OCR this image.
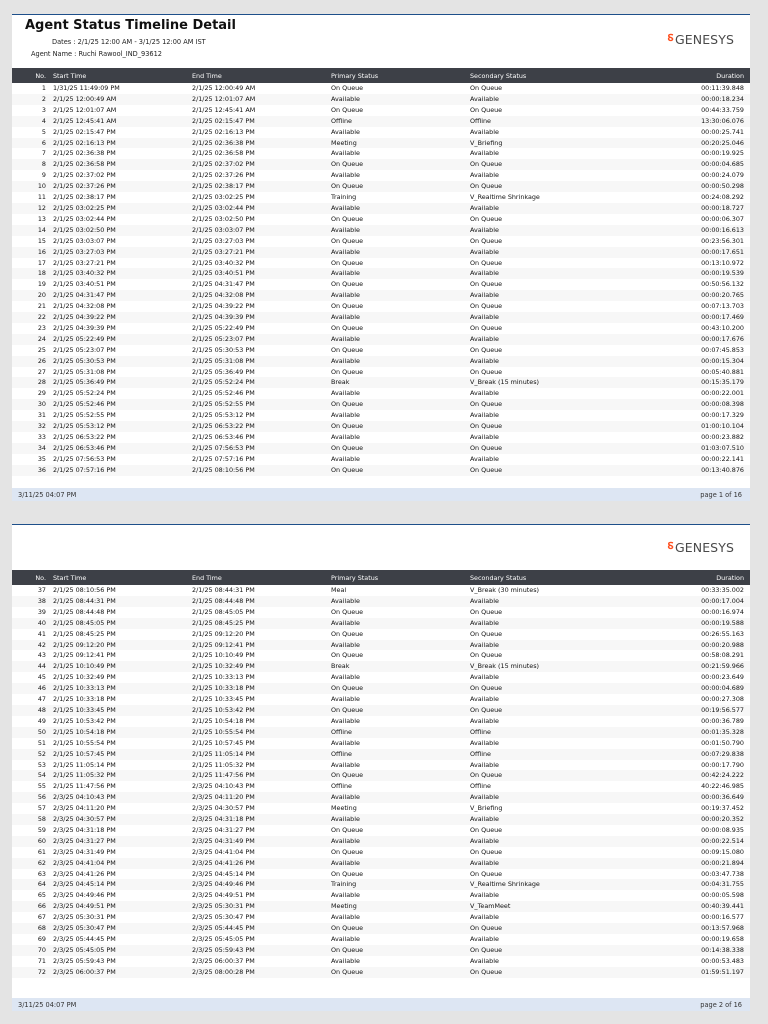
Agent Status Timeline Detail
Dates : 2/1/25 12:00 AM - 3/1/25 12:00 AM IST
Agent Name : Ruchi Rawool_IND_93612
⸹ GENESYS
No.	Start Time	End Time	Primary Status	Secondary Status	Duration
1	1/31/25 11:49:09 PM	2/1/25 12:00:49 AM	On Queue	On Queue	00:11:39.848
2	2/1/25 12:00:49 AM	2/1/25 12:01:07 AM	Available	Available	00:00:18.234
3	2/1/25 12:01:07 AM	2/1/25 12:45:41 AM	On Queue	On Queue	00:44:33.759
4	2/1/25 12:45:41 AM	2/1/25 02:15:47 PM	Offline	Offline	13:30:06.076
5	2/1/25 02:15:47 PM	2/1/25 02:16:13 PM	Available	Available	00:00:25.741
6	2/1/25 02:16:13 PM	2/1/25 02:36:38 PM	Meeting	V_Briefing	00:20:25.046
7	2/1/25 02:36:38 PM	2/1/25 02:36:58 PM	Available	Available	00:00:19.925
8	2/1/25 02:36:58 PM	2/1/25 02:37:02 PM	On Queue	On Queue	00:00:04.685
9	2/1/25 02:37:02 PM	2/1/25 02:37:26 PM	Available	Available	00:00:24.079
10	2/1/25 02:37:26 PM	2/1/25 02:38:17 PM	On Queue	On Queue	00:00:50.298
11	2/1/25 02:38:17 PM	2/1/25 03:02:25 PM	Training	V_Realtime Shrinkage	00:24:08.292
12	2/1/25 03:02:25 PM	2/1/25 03:02:44 PM	Available	Available	00:00:18.727
13	2/1/25 03:02:44 PM	2/1/25 03:02:50 PM	On Queue	On Queue	00:00:06.307
14	2/1/25 03:02:50 PM	2/1/25 03:03:07 PM	Available	Available	00:00:16.613
15	2/1/25 03:03:07 PM	2/1/25 03:27:03 PM	On Queue	On Queue	00:23:56.301
16	2/1/25 03:27:03 PM	2/1/25 03:27:21 PM	Available	Available	00:00:17.651
17	2/1/25 03:27:21 PM	2/1/25 03:40:32 PM	On Queue	On Queue	00:13:10.972
18	2/1/25 03:40:32 PM	2/1/25 03:40:51 PM	Available	Available	00:00:19.539
19	2/1/25 03:40:51 PM	2/1/25 04:31:47 PM	On Queue	On Queue	00:50:56.132
20	2/1/25 04:31:47 PM	2/1/25 04:32:08 PM	Available	Available	00:00:20.765
21	2/1/25 04:32:08 PM	2/1/25 04:39:22 PM	On Queue	On Queue	00:07:13.703
22	2/1/25 04:39:22 PM	2/1/25 04:39:39 PM	Available	Available	00:00:17.469
23	2/1/25 04:39:39 PM	2/1/25 05:22:49 PM	On Queue	On Queue	00:43:10.200
24	2/1/25 05:22:49 PM	2/1/25 05:23:07 PM	Available	Available	00:00:17.676
25	2/1/25 05:23:07 PM	2/1/25 05:30:53 PM	On Queue	On Queue	00:07:45.853
26	2/1/25 05:30:53 PM	2/1/25 05:31:08 PM	Available	Available	00:00:15.304
27	2/1/25 05:31:08 PM	2/1/25 05:36:49 PM	On Queue	On Queue	00:05:40.881
28	2/1/25 05:36:49 PM	2/1/25 05:52:24 PM	Break	V_Break (15 minutes)	00:15:35.179
29	2/1/25 05:52:24 PM	2/1/25 05:52:46 PM	Available	Available	00:00:22.001
30	2/1/25 05:52:46 PM	2/1/25 05:52:55 PM	On Queue	On Queue	00:00:08.398
31	2/1/25 05:52:55 PM	2/1/25 05:53:12 PM	Available	Available	00:00:17.329
32	2/1/25 05:53:12 PM	2/1/25 06:53:22 PM	On Queue	On Queue	01:00:10.104
33	2/1/25 06:53:22 PM	2/1/25 06:53:46 PM	Available	Available	00:00:23.882
34	2/1/25 06:53:46 PM	2/1/25 07:56:53 PM	On Queue	On Queue	01:03:07.510
35	2/1/25 07:56:53 PM	2/1/25 07:57:16 PM	Available	Available	00:00:22.141
36	2/1/25 07:57:16 PM	2/1/25 08:10:56 PM	On Queue	On Queue	00:13:40.876
3/11/25 04:07 PM	page 1 of 16
⸹ GENESYS
No.	Start Time	End Time	Primary Status	Secondary Status	Duration
37	2/1/25 08:10:56 PM	2/1/25 08:44:31 PM	Meal	V_Break (30 minutes)	00:33:35.002
38	2/1/25 08:44:31 PM	2/1/25 08:44:48 PM	Available	Available	00:00:17.004
39	2/1/25 08:44:48 PM	2/1/25 08:45:05 PM	On Queue	On Queue	00:00:16.974
40	2/1/25 08:45:05 PM	2/1/25 08:45:25 PM	Available	Available	00:00:19.588
41	2/1/25 08:45:25 PM	2/1/25 09:12:20 PM	On Queue	On Queue	00:26:55.163
42	2/1/25 09:12:20 PM	2/1/25 09:12:41 PM	Available	Available	00:00:20.988
43	2/1/25 09:12:41 PM	2/1/25 10:10:49 PM	On Queue	On Queue	00:58:08.291
44	2/1/25 10:10:49 PM	2/1/25 10:32:49 PM	Break	V_Break (15 minutes)	00:21:59.966
45	2/1/25 10:32:49 PM	2/1/25 10:33:13 PM	Available	Available	00:00:23.649
46	2/1/25 10:33:13 PM	2/1/25 10:33:18 PM	On Queue	On Queue	00:00:04.689
47	2/1/25 10:33:18 PM	2/1/25 10:33:45 PM	Available	Available	00:00:27.308
48	2/1/25 10:33:45 PM	2/1/25 10:53:42 PM	On Queue	On Queue	00:19:56.577
49	2/1/25 10:53:42 PM	2/1/25 10:54:18 PM	Available	Available	00:00:36.789
50	2/1/25 10:54:18 PM	2/1/25 10:55:54 PM	Offline	Offline	00:01:35.328
51	2/1/25 10:55:54 PM	2/1/25 10:57:45 PM	Available	Available	00:01:50.790
52	2/1/25 10:57:45 PM	2/1/25 11:05:14 PM	Offline	Offline	00:07:29.838
53	2/1/25 11:05:14 PM	2/1/25 11:05:32 PM	Available	Available	00:00:17.790
54	2/1/25 11:05:32 PM	2/1/25 11:47:56 PM	On Queue	On Queue	00:42:24.222
55	2/1/25 11:47:56 PM	2/3/25 04:10:43 PM	Offline	Offline	40:22:46.985
56	2/3/25 04:10:43 PM	2/3/25 04:11:20 PM	Available	Available	00:00:36.649
57	2/3/25 04:11:20 PM	2/3/25 04:30:57 PM	Meeting	V_Briefing	00:19:37.452
58	2/3/25 04:30:57 PM	2/3/25 04:31:18 PM	Available	Available	00:00:20.352
59	2/3/25 04:31:18 PM	2/3/25 04:31:27 PM	On Queue	On Queue	00:00:08.935
60	2/3/25 04:31:27 PM	2/3/25 04:31:49 PM	Available	Available	00:00:22.514
61	2/3/25 04:31:49 PM	2/3/25 04:41:04 PM	On Queue	On Queue	00:09:15.080
62	2/3/25 04:41:04 PM	2/3/25 04:41:26 PM	Available	Available	00:00:21.894
63	2/3/25 04:41:26 PM	2/3/25 04:45:14 PM	On Queue	On Queue	00:03:47.738
64	2/3/25 04:45:14 PM	2/3/25 04:49:46 PM	Training	V_Realtime Shrinkage	00:04:31.755
65	2/3/25 04:49:46 PM	2/3/25 04:49:51 PM	Available	Available	00:00:05.598
66	2/3/25 04:49:51 PM	2/3/25 05:30:31 PM	Meeting	V_TeamMeet	00:40:39.441
67	2/3/25 05:30:31 PM	2/3/25 05:30:47 PM	Available	Available	00:00:16.577
68	2/3/25 05:30:47 PM	2/3/25 05:44:45 PM	On Queue	On Queue	00:13:57.968
69	2/3/25 05:44:45 PM	2/3/25 05:45:05 PM	Available	Available	00:00:19.658
70	2/3/25 05:45:05 PM	2/3/25 05:59:43 PM	On Queue	On Queue	00:14:38.338
71	2/3/25 05:59:43 PM	2/3/25 06:00:37 PM	Available	Available	00:00:53.483
72	2/3/25 06:00:37 PM	2/3/25 08:00:28 PM	On Queue	On Queue	01:59:51.197
3/11/25 04:07 PM	page 2 of 16
